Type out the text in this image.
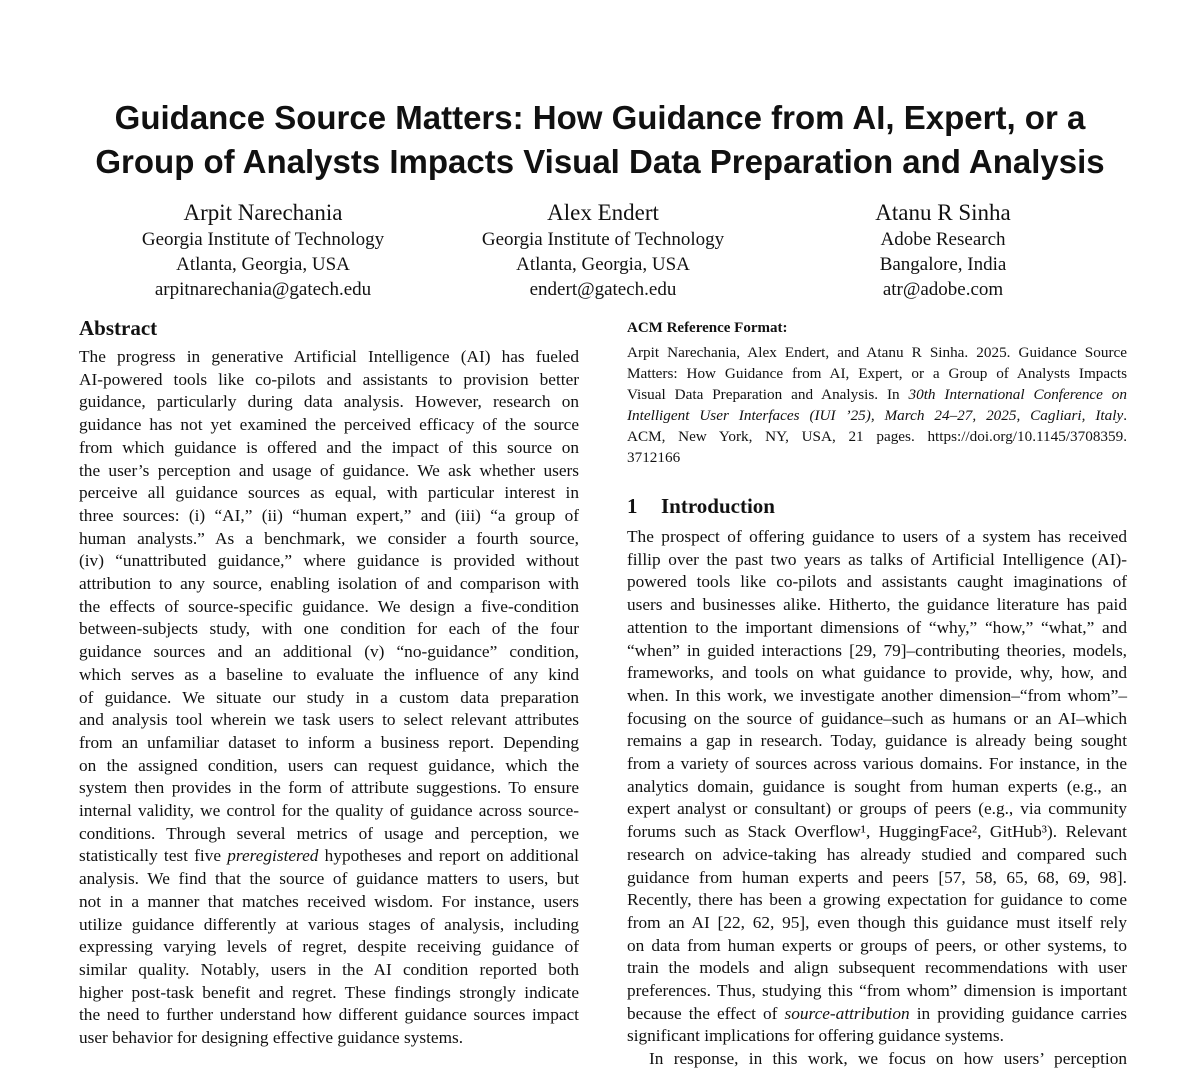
Guidance Source Matters: How Guidance from AI, Expert, or a
Group of Analysts Impacts Visual Data Preparation and Analysis
Arpit Narechania
Georgia Institute of Technology
Atlanta, Georgia, USA
arpitnarechania@gatech.edu
Alex Endert
Georgia Institute of Technology
Atlanta, Georgia, USA
endert@gatech.edu
Atanu R Sinha
Adobe Research
Bangalore, India
atr@adobe.com
Abstract
The progress in generative Artificial Intelligence (AI) has fueled
AI-powered tools like co-pilots and assistants to provision better
guidance, particularly during data analysis. However, research on
guidance has not yet examined the perceived efficacy of the source
from which guidance is offered and the impact of this source on
the user’s perception and usage of guidance. We ask whether users
perceive all guidance sources as equal, with particular interest in
three sources: (i) “AI,” (ii) “human expert,” and (iii) “a group of
human analysts.” As a benchmark, we consider a fourth source,
(iv) “unattributed guidance,” where guidance is provided without
attribution to any source, enabling isolation of and comparison with
the effects of source-specific guidance. We design a five-condition
between-subjects study, with one condition for each of the four
guidance sources and an additional (v) “no-guidance” condition,
which serves as a baseline to evaluate the influence of any kind
of guidance. We situate our study in a custom data preparation
and analysis tool wherein we task users to select relevant attributes
from an unfamiliar dataset to inform a business report. Depending
on the assigned condition, users can request guidance, which the
system then provides in the form of attribute suggestions. To ensure
internal validity, we control for the quality of guidance across source-
conditions. Through several metrics of usage and perception, we
statistically test five preregistered hypotheses and report on additional
analysis. We find that the source of guidance matters to users, but
not in a manner that matches received wisdom. For instance, users
utilize guidance differently at various stages of analysis, including
expressing varying levels of regret, despite receiving guidance of
similar quality. Notably, users in the AI condition reported both
higher post-task benefit and regret. These findings strongly indicate
the need to further understand how different guidance sources impact
user behavior for designing effective guidance systems.
ACM Reference Format:
Arpit Narechania, Alex Endert, and Atanu R Sinha. 2025. Guidance Source
Matters: How Guidance from AI, Expert, or a Group of Analysts Impacts
Visual Data Preparation and Analysis. In 30th International Conference on
Intelligent User Interfaces (IUI ’25), March 24–27, 2025, Cagliari, Italy.
ACM, New York, NY, USA, 21 pages. https://doi.org/10.1145/3708359.
3712166
1 Introduction
The prospect of offering guidance to users of a system has received
fillip over the past two years as talks of Artificial Intelligence (AI)-
powered tools like co-pilots and assistants caught imaginations of
users and businesses alike. Hitherto, the guidance literature has paid
attention to the important dimensions of “why,” “how,” “what,” and
“when” in guided interactions [29, 79]–contributing theories, models,
frameworks, and tools on what guidance to provide, why, how, and
when. In this work, we investigate another dimension–“from whom”–
focusing on the source of guidance–such as humans or an AI–which
remains a gap in research. Today, guidance is already being sought
from a variety of sources across various domains. For instance, in the
analytics domain, guidance is sought from human experts (e.g., an
expert analyst or consultant) or groups of peers (e.g., via community
forums such as Stack Overflow¹, HuggingFace², GitHub³). Relevant
research on advice-taking has already studied and compared such
guidance from human experts and peers [57, 58, 65, 68, 69, 98].
Recently, there has been a growing expectation for guidance to come
from an AI [22, 62, 95], even though this guidance must itself rely
on data from human experts or groups of peers, or other systems, to
train the models and align subsequent recommendations with user
preferences. Thus, studying this “from whom” dimension is important
because the effect of source-attribution in providing guidance carries
significant implications for offering guidance systems.
In response, in this work, we focus on how users’ perception
